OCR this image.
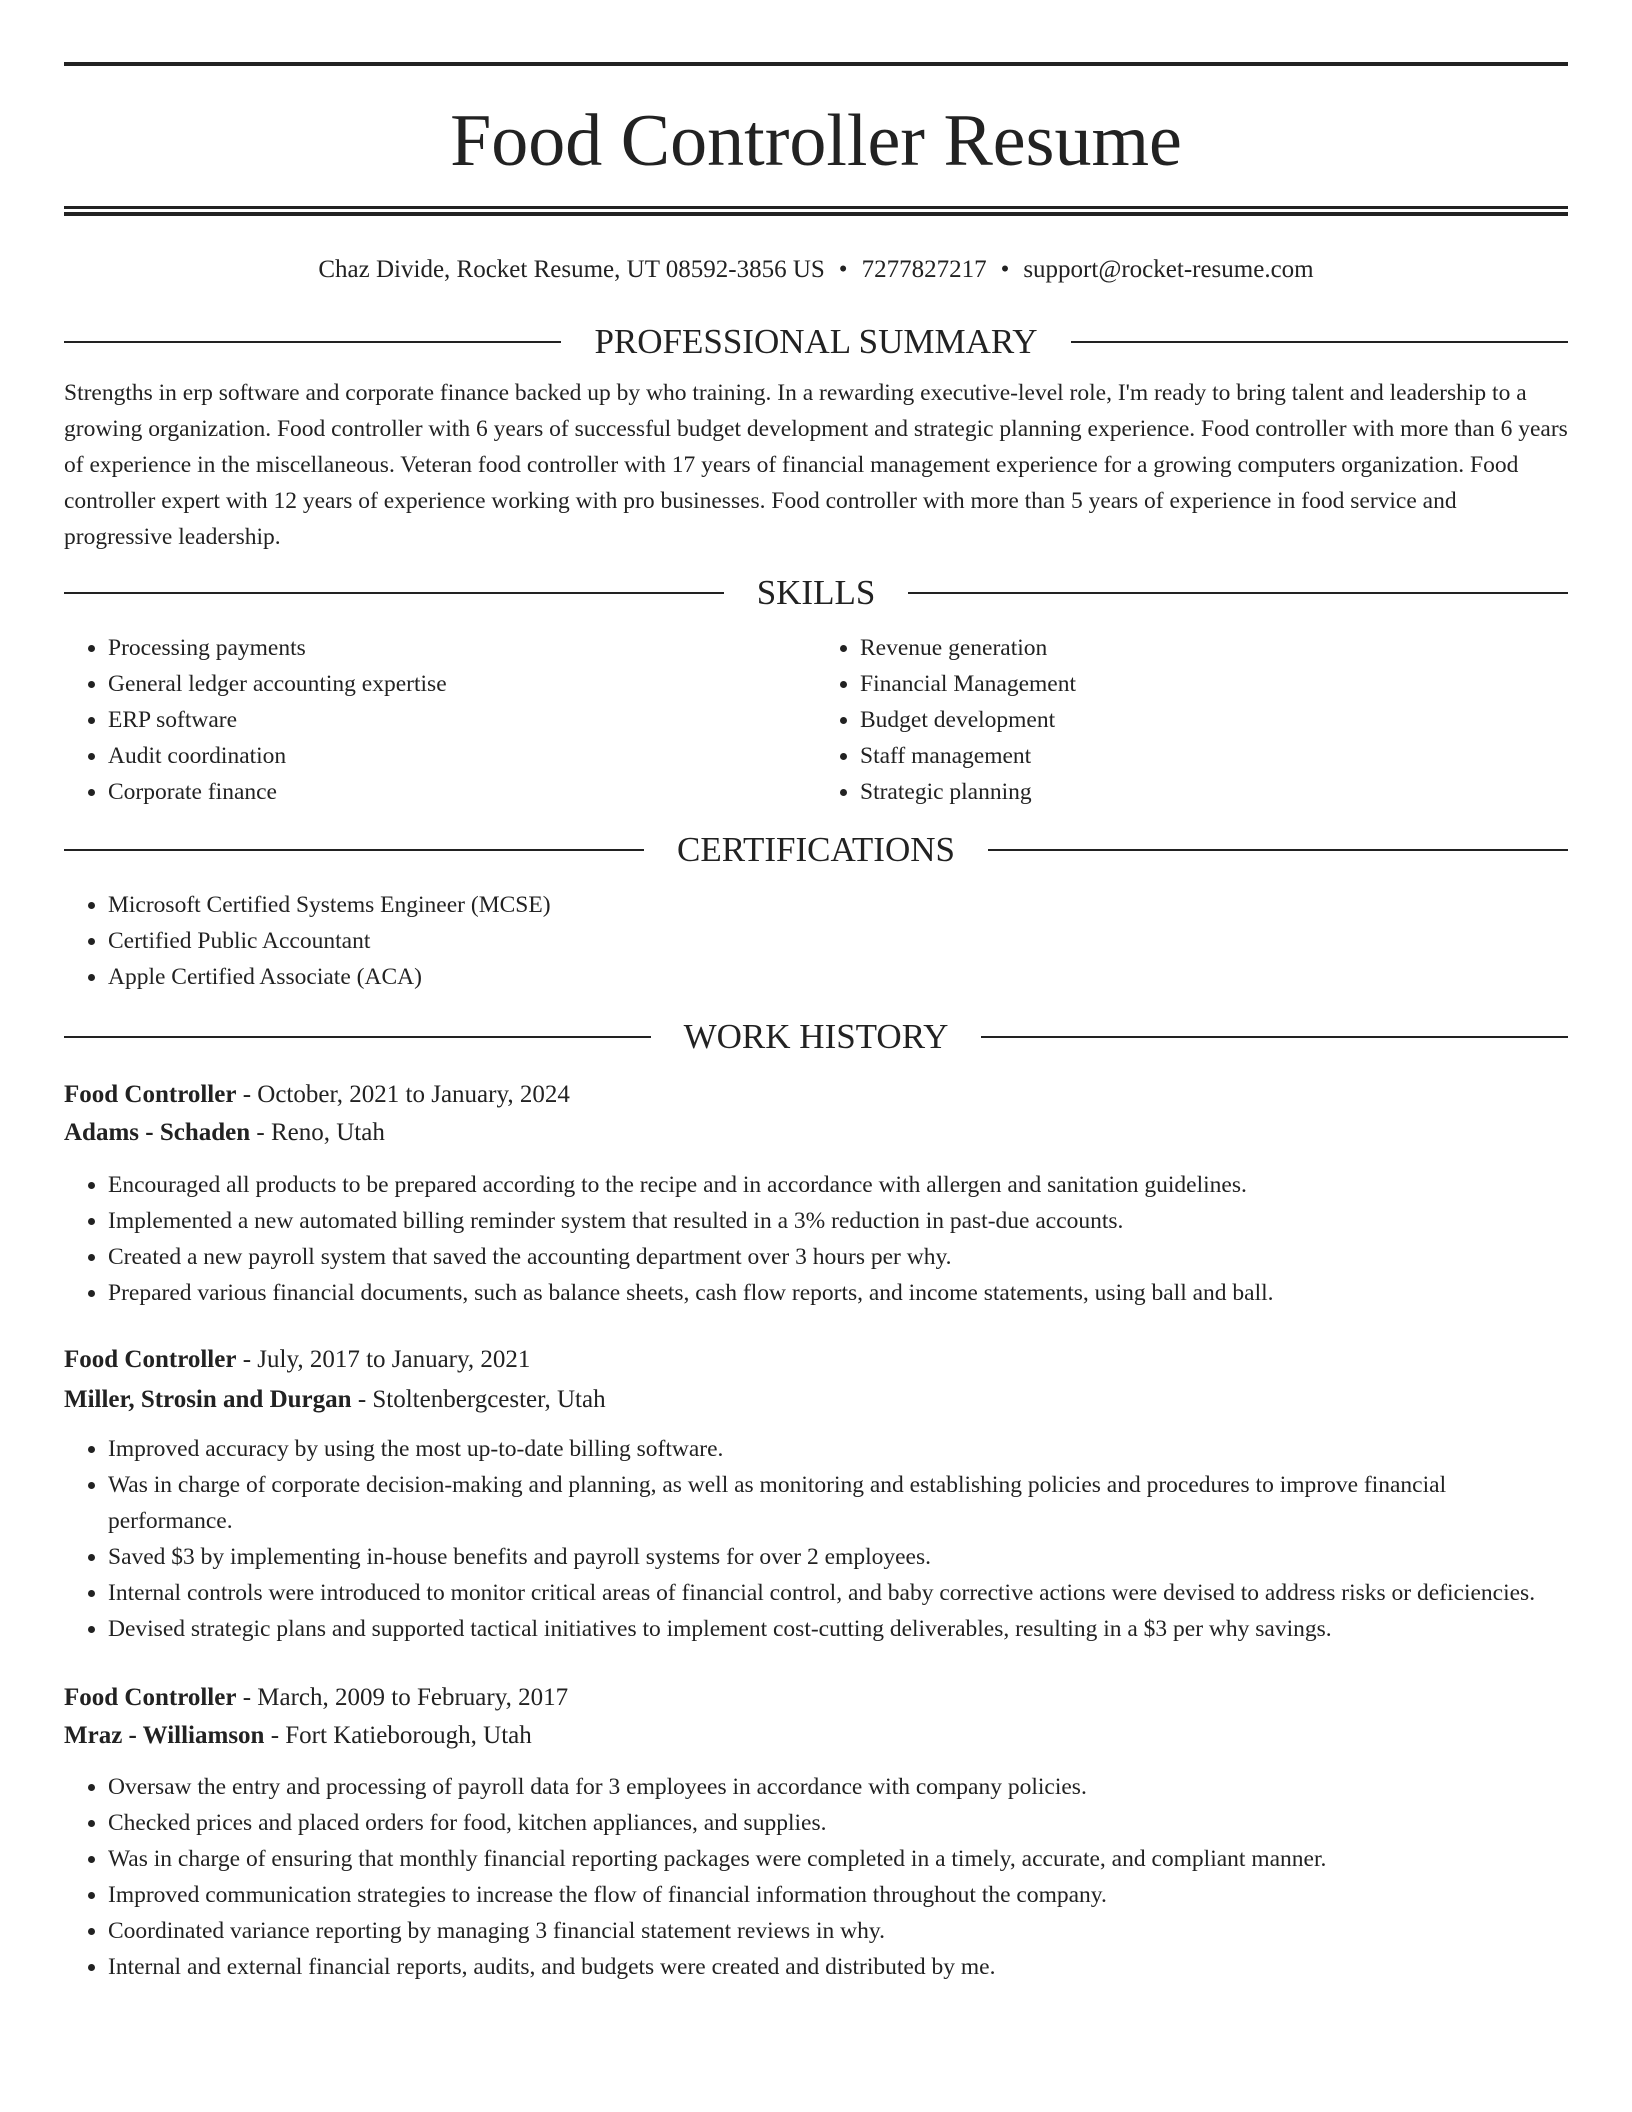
Food Controller Resume
Chaz Divide, Rocket Resume, UT 08592-3856 US • 7277827217 • support@rocket-resume.com
PROFESSIONAL SUMMARY

Strengths in erp software and corporate finance backed up by who training. In a rewarding executive-level role, I'm ready to bring talent and leadership to a growing organization. Food controller with 6 years of successful budget development and strategic planning experience. Food controller with more than 6 years of experience in the miscellaneous. Veteran food controller with 17 years of financial management experience for a growing computers organization. Food controller expert with 12 years of experience working with pro businesses. Food controller with more than 5 years of experience in food service and progressive leadership.

SKILLS
• Processing payments
• General ledger accounting expertise
• ERP software
• Audit coordination
• Corporate finance
• Revenue generation
• Financial Management
• Budget development
• Staff management
• Strategic planning
CERTIFICATIONS
• Microsoft Certified Systems Engineer (MCSE)
• Certified Public Accountant
• Apple Certified Associate (ACA)
WORK HISTORY

Food Controller - October, 2021 to January, 2024

Adams - Schaden - Reno, Utah

• Encouraged all products to be prepared according to the recipe and in accordance with allergen and sanitation guidelines.
• Implemented a new automated billing reminder system that resulted in a 3% reduction in past-due accounts.
• Created a new payroll system that saved the accounting department over 3 hours per why.
• Prepared various financial documents, such as balance sheets, cash flow reports, and income statements, using ball and ball.

Food Controller - July, 2017 to January, 2021

Miller, Strosin and Durgan - Stoltenbergcester, Utah

• Improved accuracy by using the most up-to-date billing software.
• Was in charge of corporate decision-making and planning, as well as monitoring and establishing policies and procedures to improve financial performance.
• Saved $3 by implementing in-house benefits and payroll systems for over 2 employees.
• Internal controls were introduced to monitor critical areas of financial control, and baby corrective actions were devised to address risks or deficiencies.
• Devised strategic plans and supported tactical initiatives to implement cost-cutting deliverables, resulting in a $3 per why savings.

Food Controller - March, 2009 to February, 2017

Mraz - Williamson - Fort Katieborough, Utah

• Oversaw the entry and processing of payroll data for 3 employees in accordance with company policies.
• Checked prices and placed orders for food, kitchen appliances, and supplies.
• Was in charge of ensuring that monthly financial reporting packages were completed in a timely, accurate, and compliant manner.
• Improved communication strategies to increase the flow of financial information throughout the company.
• Coordinated variance reporting by managing 3 financial statement reviews in why.
• Internal and external financial reports, audits, and budgets were created and distributed by me.
